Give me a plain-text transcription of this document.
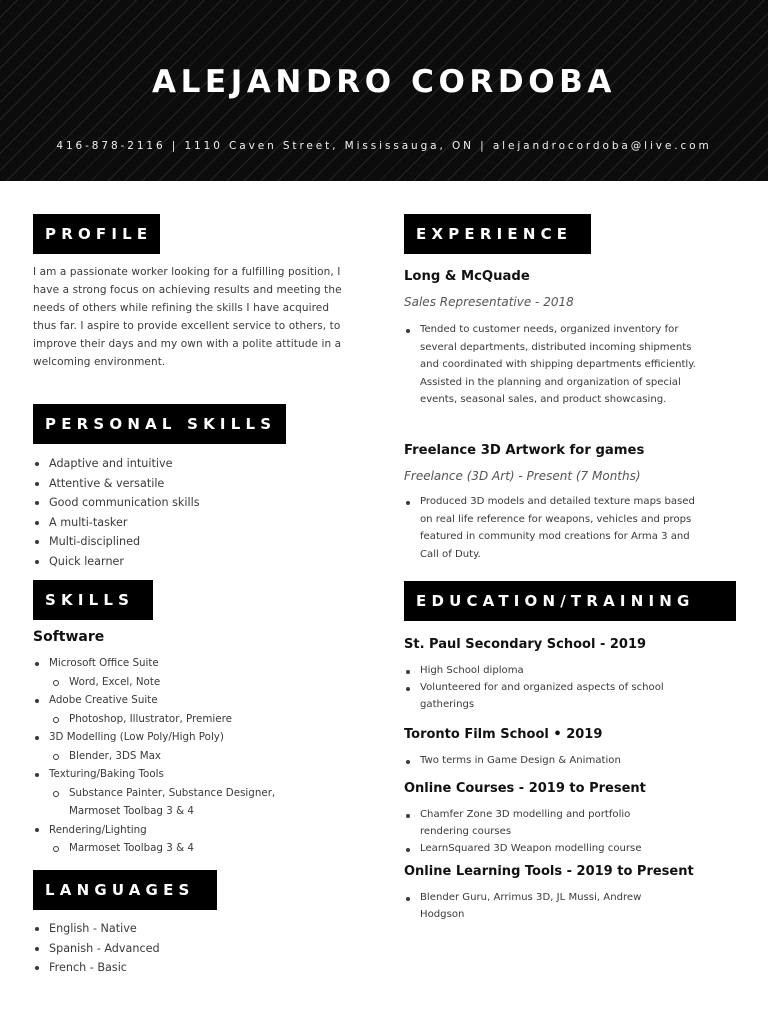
ALEJANDRO CORDOBA
416-878-2116 | 1110 Caven Street, Mississauga, ON | alejandrocordoba@live.com
PROFILE
I am a passionate worker looking for a fulfilling position, I have a strong focus on achieving results and meeting the needs of others while refining the skills I have acquired thus far. I aspire to provide excellent service to others, to improve their days and my own with a polite attitude in a welcoming environment.
PERSONAL SKILLS
Adaptive and intuitive
Attentive & versatile
Good communication skills
A multi-tasker
Multi-disciplined
Quick learner
SKILLS
Software
Microsoft Office Suite
Word, Excel, Note
Adobe Creative Suite
Photoshop, Illustrator, Premiere
3D Modelling (Low Poly/High Poly)
Blender, 3DS Max
Texturing/Baking Tools
Substance Painter, Substance Designer, Marmoset Toolbag 3 & 4
Rendering/Lighting
Marmoset Toolbag 3 & 4
LANGUAGES
English - Native
Spanish - Advanced
French - Basic
EXPERIENCE
Long & McQuade
Sales Representative - 2018
Tended to customer needs, organized inventory for several departments, distributed incoming shipments and coordinated with shipping departments efficiently. Assisted in the planning and organization of special events, seasonal sales, and product showcasing.
Freelance 3D Artwork for games
Freelance (3D Art) - Present (7 Months)
Produced 3D models and detailed texture maps based on real life reference for weapons, vehicles and props featured in community mod creations for Arma 3 and Call of Duty.
EDUCATION/TRAINING
St. Paul Secondary School - 2019
High School diploma
Volunteered for and organized aspects of school gatherings
Toronto Film School • 2019
Two terms in Game Design & Animation
Online Courses - 2019 to Present
Chamfer Zone 3D modelling and portfolio rendering courses
LearnSquared 3D Weapon modelling course
Online Learning Tools - 2019 to Present
Blender Guru, Arrimus 3D, JL Mussi, Andrew Hodgson
